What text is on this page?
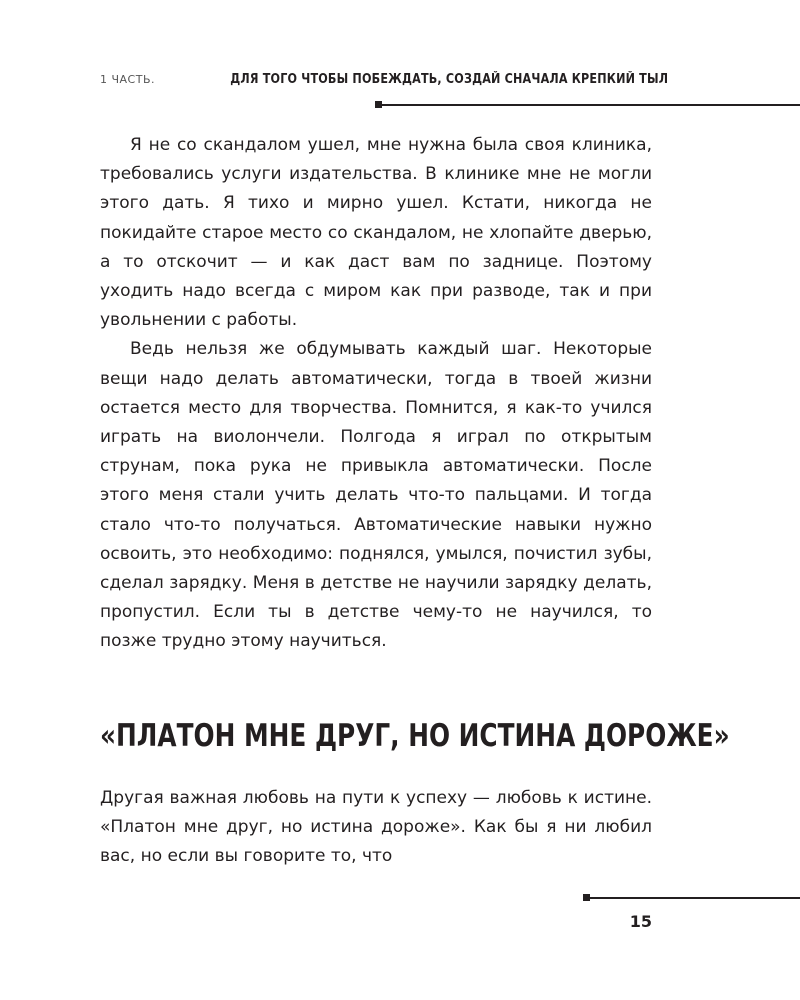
1 ЧАСТЬ.	ДЛЯ ТОГО ЧТОБЫ ПОБЕЖДАТЬ, СОЗДАЙ СНАЧАЛА КРЕПКИЙ ТЫЛ

Я не со скандалом ушел, мне нужна была своя клиника, требовались услуги издательства. В клинике мне не могли этого дать. Я тихо и мирно ушел. Кстати, никогда не покидайте старое место со скандалом, не хлопайте дверью, а то отскочит — и как даст вам по заднице. Поэтому уходить надо всегда с миром как при разводе, так и при увольнении с работы.

Ведь нельзя же обдумывать каждый шаг. Некоторые вещи надо делать автоматически, тогда в твоей жизни остается место для творчества. Помнится, я как-то учился играть на виолончели. Полгода я играл по открытым струнам, пока рука не привыкла автоматически. После этого меня стали учить делать что-то пальцами. И тогда стало что-то получаться. Автоматические навыки нужно освоить, это необходимо: поднялся, умылся, почистил зубы, сделал зарядку. Меня в детстве не научили зарядку делать, пропустил. Если ты в детстве чему-то не научился, то позже трудно этому научиться.

«ПЛАТОН МНЕ ДРУГ, НО ИСТИНА ДОРОЖЕ»

Другая важная любовь на пути к успеху — любовь к истине. «Платон мне друг, но истина дороже». Как бы я ни любил вас, но если вы говорите то, что

15
